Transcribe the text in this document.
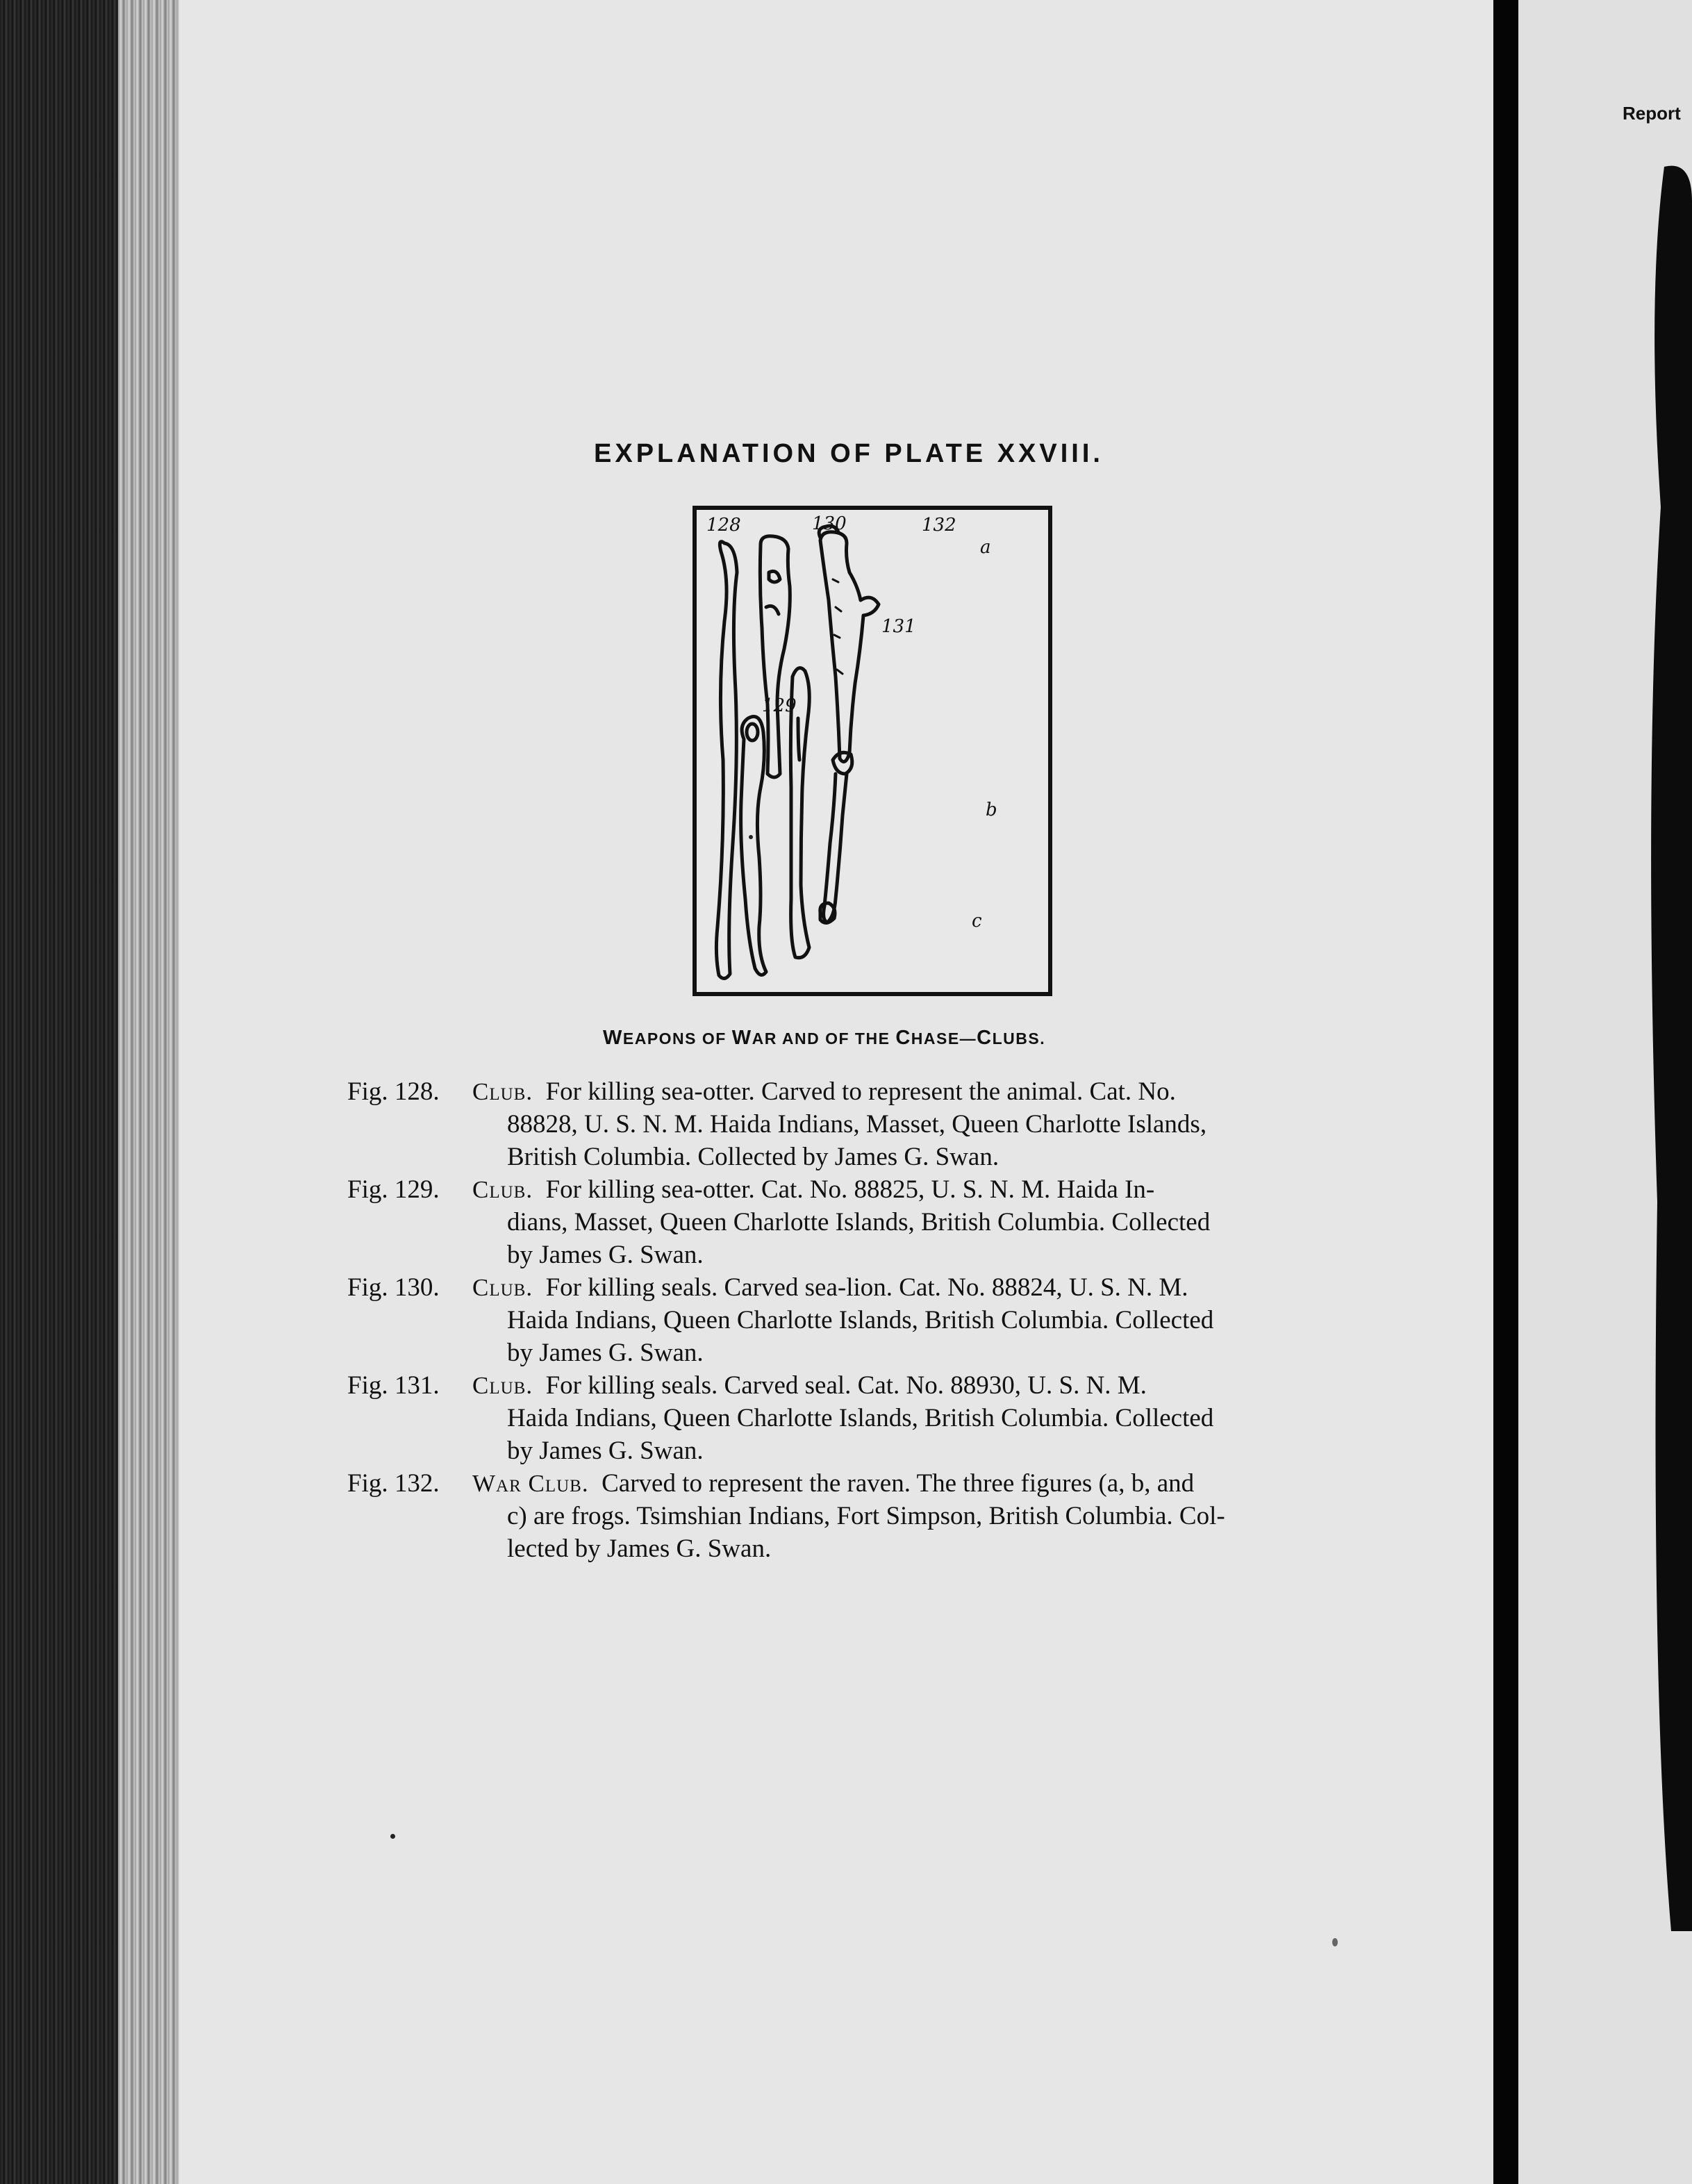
Report
EXPLANATION OF PLATE XXVIII.
128
129
130
131
132
a
b
c
WEAPONS OF WAR AND OF THE CHASE—CLUBS.
Fig. 128. Club. For killing sea-otter. Carved to represent the animal. Cat. No.
88828, U. S. N. M. Haida Indians, Masset, Queen Charlotte Islands,
British Columbia. Collected by James G. Swan.
Fig. 129. Club. For killing sea-otter. Cat. No. 88825, U. S. N. M. Haida In-
dians, Masset, Queen Charlotte Islands, British Columbia. Collected
by James G. Swan.
Fig. 130. Club. For killing seals. Carved sea-lion. Cat. No. 88824, U. S. N. M.
Haida Indians, Queen Charlotte Islands, British Columbia. Collected
by James G. Swan.
Fig. 131. Club. For killing seals. Carved seal. Cat. No. 88930, U. S. N. M.
Haida Indians, Queen Charlotte Islands, British Columbia. Collected
by James G. Swan.
Fig. 132. War Club. Carved to represent the raven. The three figures (a, b, and
c) are frogs. Tsimshian Indians, Fort Simpson, British Columbia. Col-
lected by James G. Swan.
